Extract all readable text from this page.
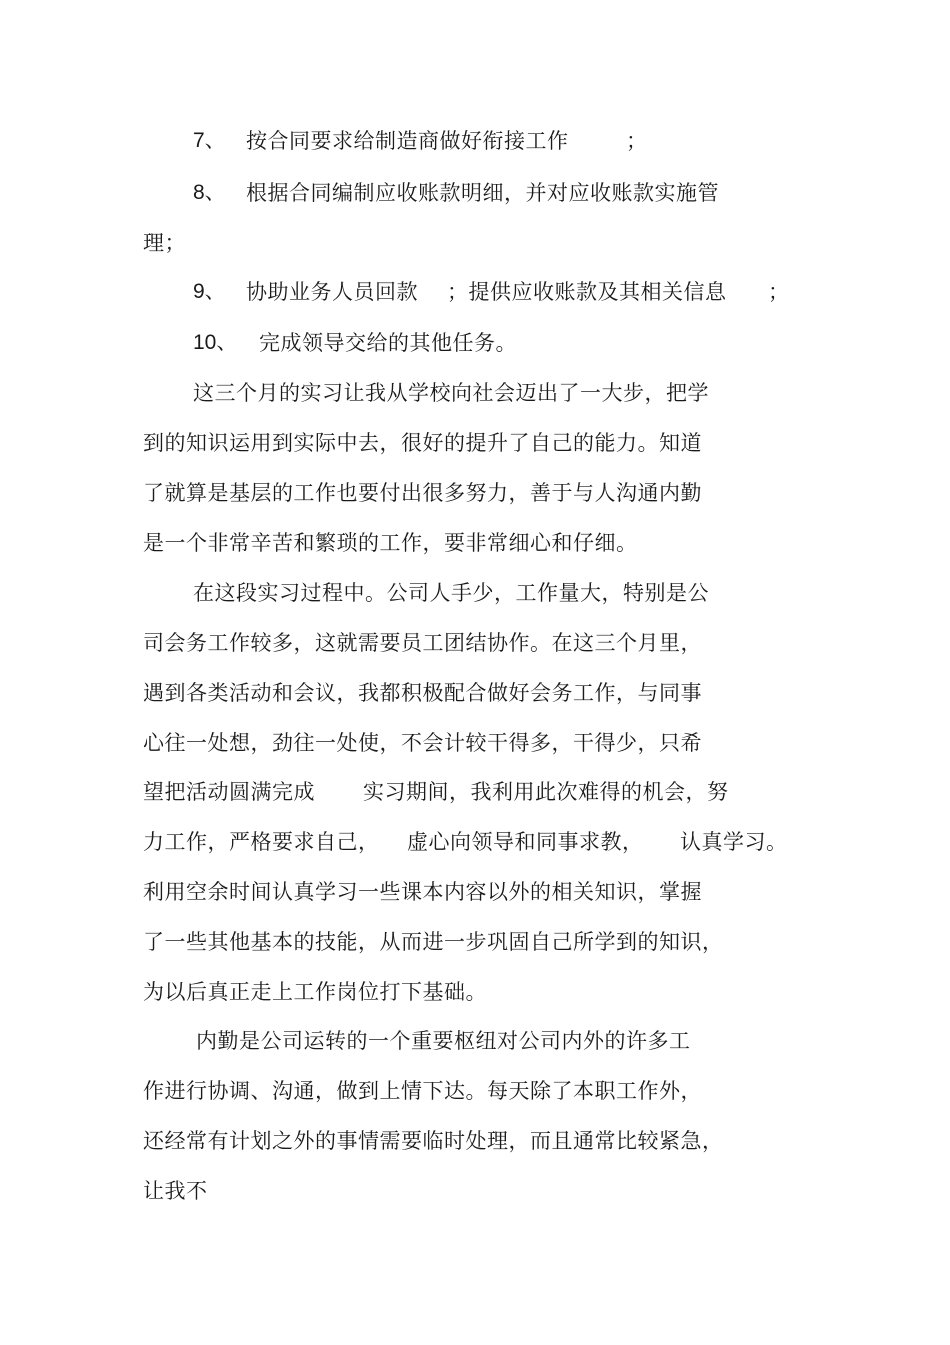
7、 按合同要求给制造商做好衔接工作	；
8、 根据合同编制应收账款明细，并对应收账款实施管
理；
9、 协助业务人员回款 ；提供应收账款及其相关信息 ；
10、 完成领导交给的其他任务。
这三个月的实习让我从学校向社会迈出了一大步，把学
到的知识运用到实际中去，很好的提升了自己的能力。知道
了就算是基层的工作也要付出很多努力，善于与人沟通内勤
是一个非常辛苦和繁琐的工作，要非常细心和仔细。
在这段实习过程中。公司人手少，工作量大，特别是公
司会务工作较多，这就需要员工团结协作。在这三个月里，
遇到各类活动和会议，我都积极配合做好会务工作，与同事
心往一处想，劲往一处使，不会计较干得多，干得少，只希
望把活动圆满完成 实习期间，我利用此次难得的机会，努
力工作，严格要求自己， 虚心向领导和同事求教， 认真学习。
利用空余时间认真学习一些课本内容以外的相关知识，掌握
了一些其他基本的技能，从而进一步巩固自己所学到的知识，
为以后真正走上工作岗位打下基础。
内勤是公司运转的一个重要枢纽对公司内外的许多工
作进行协调、沟通，做到上情下达。每天除了本职工作外，
还经常有计划之外的事情需要临时处理，而且通常比较紧急，
让我不
